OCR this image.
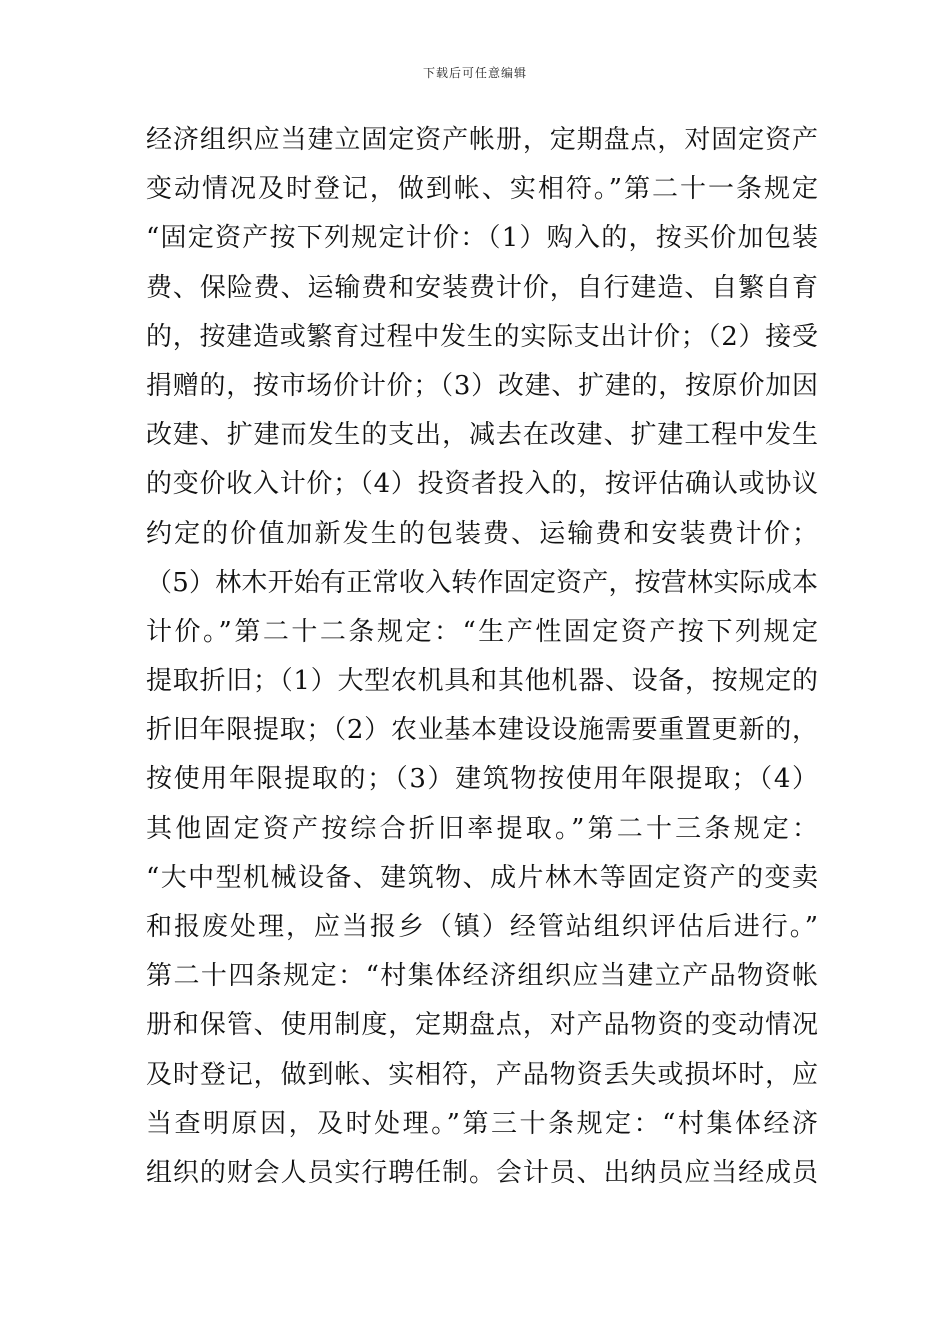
下载后可任意编辑
经济组织应当建立固定资产帐册，定期盘点，对固定资产
变动情况及时登记，做到帐、实相符。”第二十一条规定
“固定资产按下列规定计价：（1）购入的，按买价加包装
费、保险费、运输费和安装费计价，自行建造、自繁自育
的，按建造或繁育过程中发生的实际支出计价；（2）接受
捐赠的，按市场价计价；（3）改建、扩建的，按原价加因
改建、扩建而发生的支出，减去在改建、扩建工程中发生
的变价收入计价；（4）投资者投入的，按评估确认或协议
约定的价值加新发生的包装费、运输费和安装费计价；
（5）林木开始有正常收入转作固定资产，按营林实际成本
计价。”第二十二条规定：“生产性固定资产按下列规定
提取折旧；（1）大型农机具和其他机器、设备，按规定的
折旧年限提取；（2）农业基本建设设施需要重置更新的，
按使用年限提取的；（3）建筑物按使用年限提取；（4）
其他固定资产按综合折旧率提取。”第二十三条规定：
“大中型机械设备、建筑物、成片林木等固定资产的变卖
和报废处理，应当报乡（镇）经管站组织评估后进行。”
第二十四条规定：“村集体经济组织应当建立产品物资帐
册和保管、使用制度，定期盘点，对产品物资的变动情况
及时登记，做到帐、实相符，产品物资丢失或损坏时，应
当查明原因，及时处理。”第三十条规定：“村集体经济
组织的财会人员实行聘任制。会计员、出纳员应当经成员
